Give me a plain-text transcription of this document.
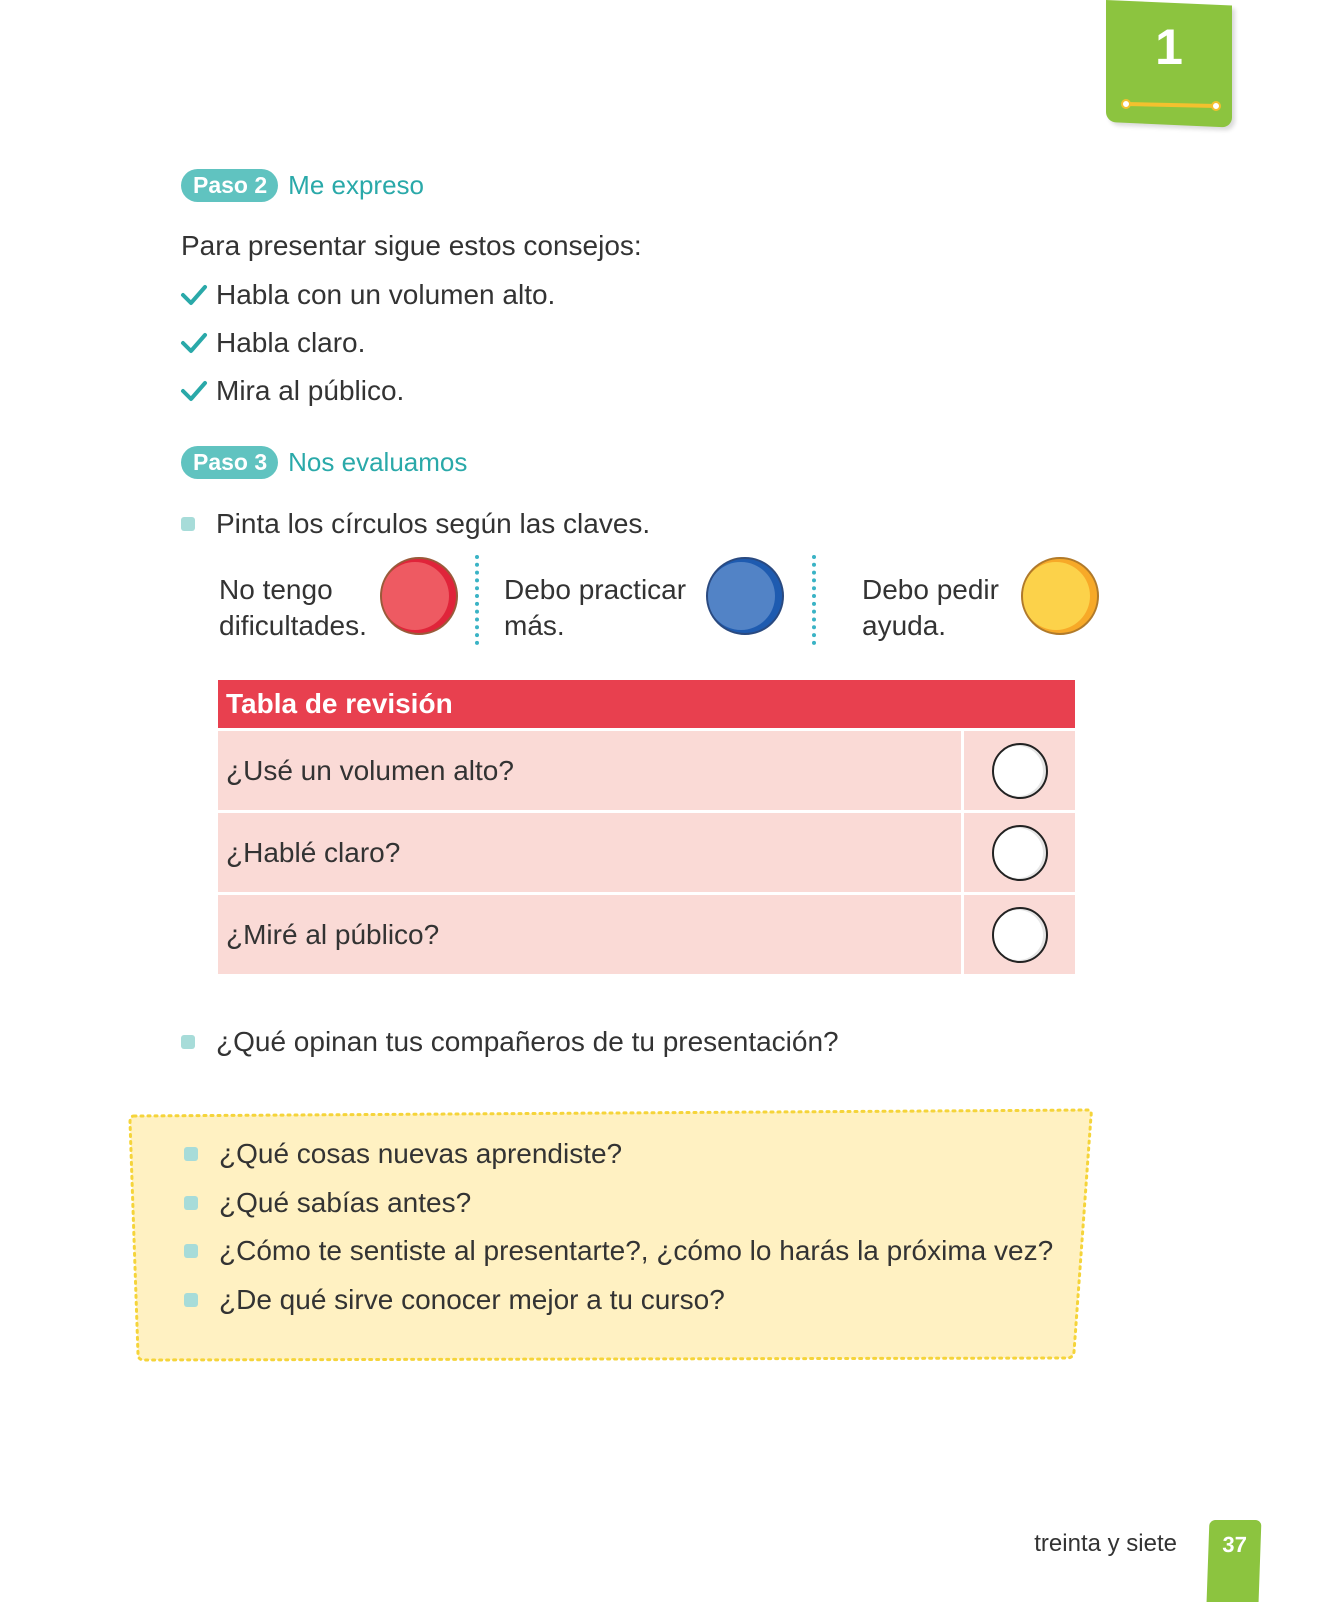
1
Paso 2 Me expreso
Para presentar sigue estos consejos:
Habla con un volumen alto.
Habla claro.
Mira al público.
Paso 3 Nos evaluamos
Pinta los círculos según las claves.
No tengo
dificultades.
Debo practicar
más.
Debo pedir
ayuda.
Tabla de revisión
¿Usé un volumen alto?
¿Hablé claro?
¿Miré al público?
¿Qué opinan tus compañeros de tu presentación?
¿Qué cosas nuevas aprendiste?
¿Qué sabías antes?
¿Cómo te sentiste al presentarte?, ¿cómo lo harás la próxima vez?
¿De qué sirve conocer mejor a tu curso?
treinta y siete	37
